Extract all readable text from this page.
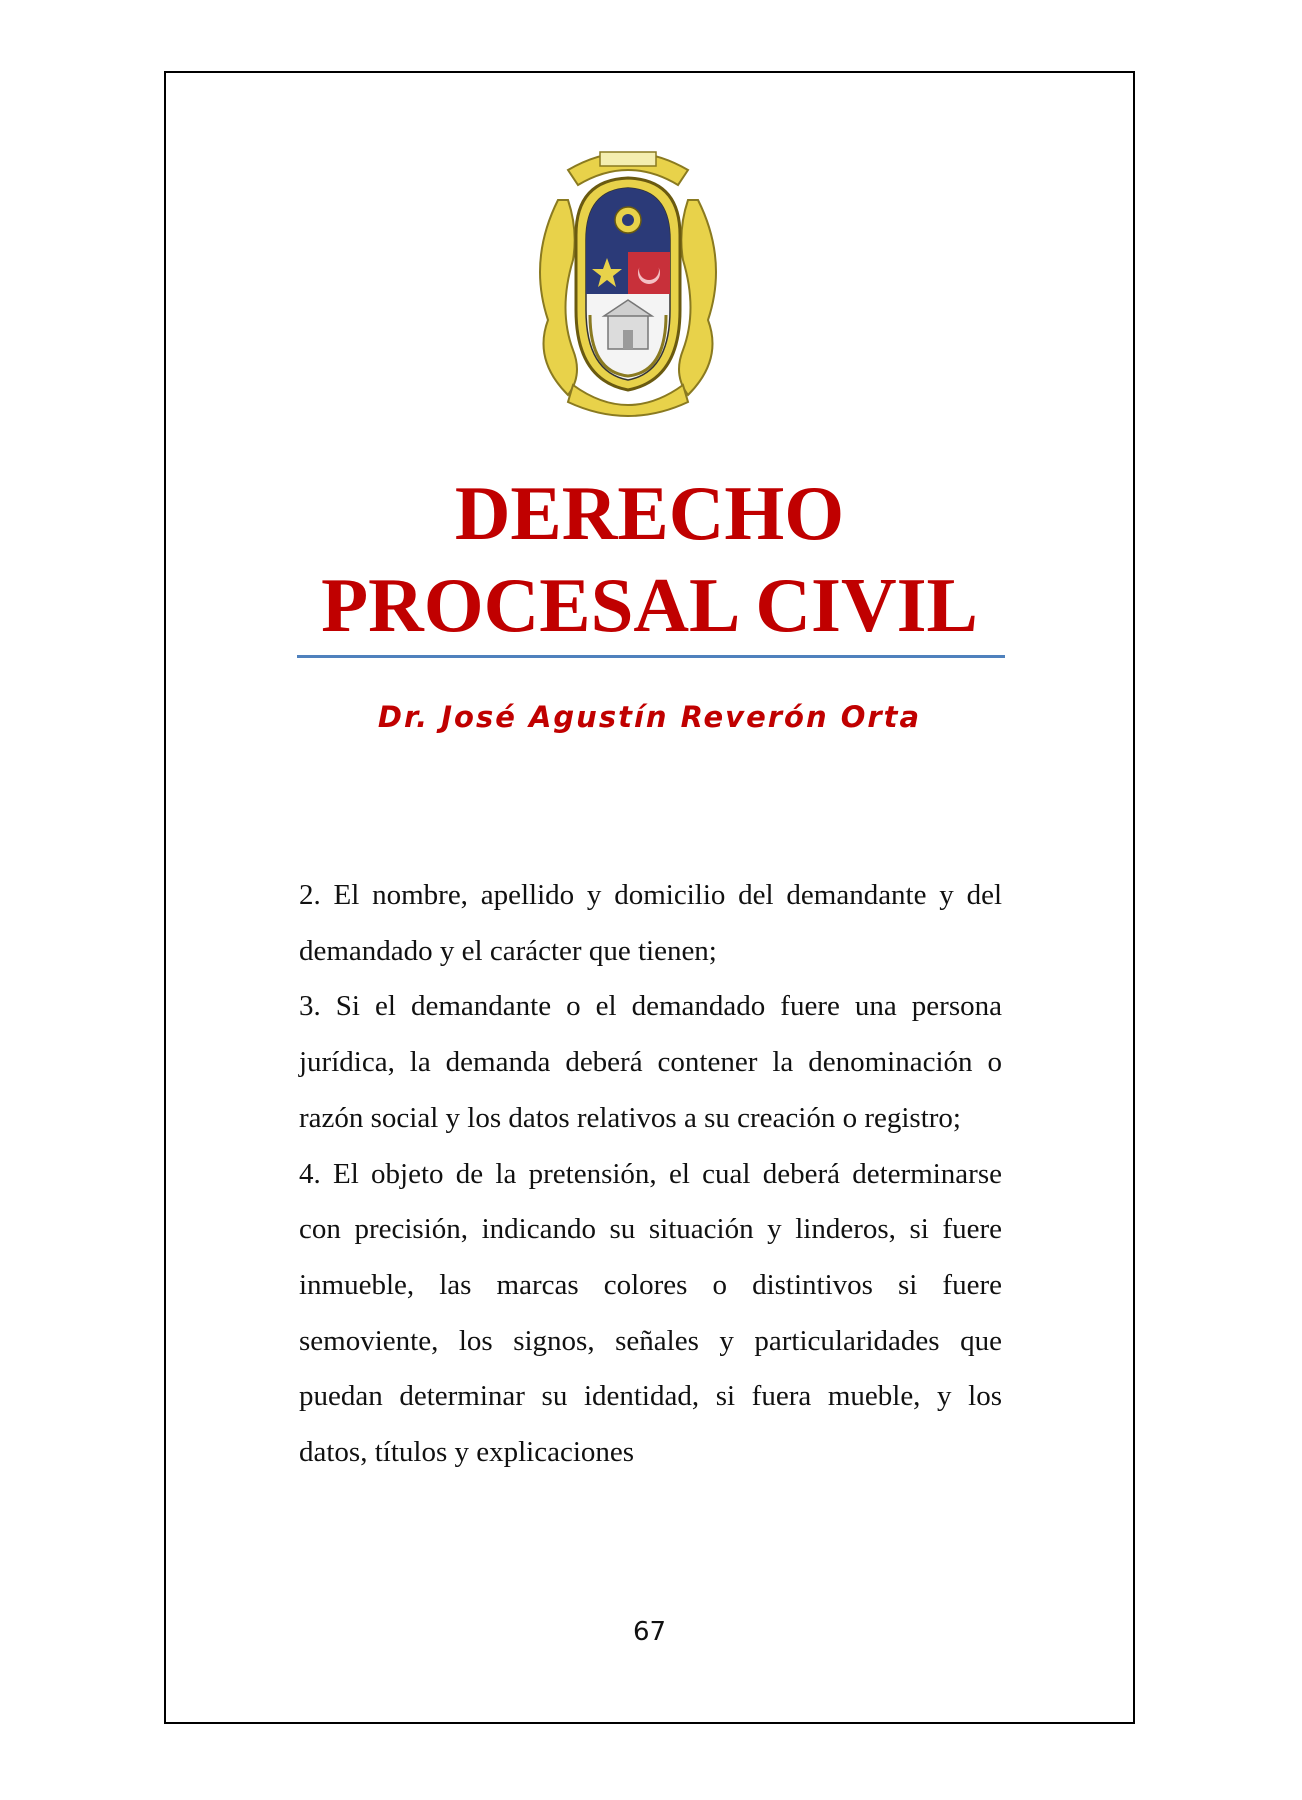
DERECHO
PROCESAL CIVIL
Dr. José Agustín Reverón Orta

2. El nombre, apellido y domicilio del demandante y del demandado y el carácter que tienen;

3. Si el demandante o el demandado fuere una persona jurídica, la demanda deberá contener la denominación o razón social y los datos relativos a su creación o registro;

4. El objeto de la pretensión, el cual deberá determinarse con precisión, indicando su situación y linderos, si fuere inmueble, las marcas colores o distintivos si fuere semoviente, los signos, señales y particularidades que puedan determinar su identidad, si fuera mueble, y los datos, títulos y explicaciones

67
